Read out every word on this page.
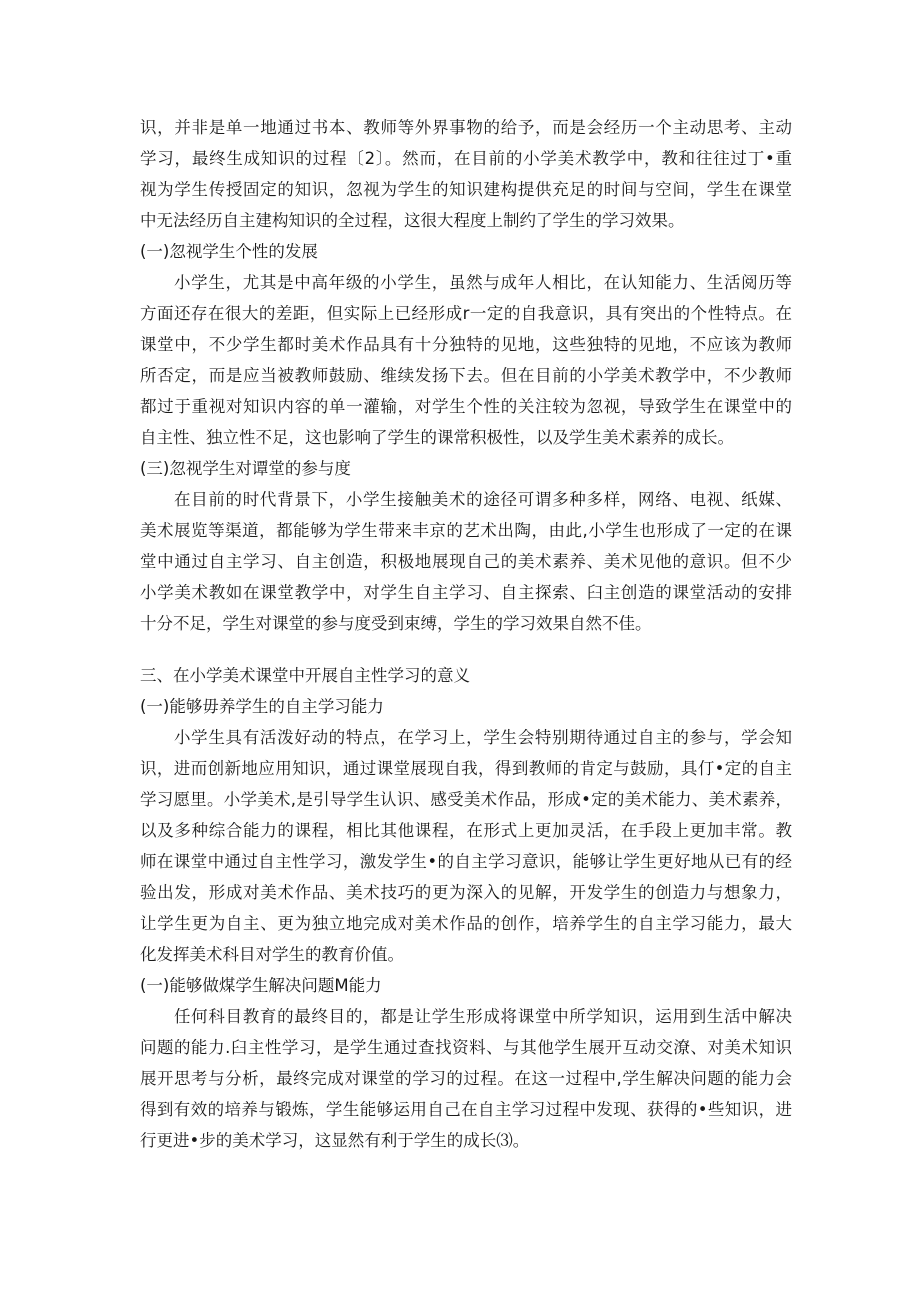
识，并非是单一地通过书本、教师等外界事物的给予，而是会经历一个主动思考、主动
学习，最终生成知识的过程〔2〕。然而，在目前的小学美术教学中，教和往往过丁•重
视为学生传授固定的知识，忽视为学生的知识建构提供充足的时间与空间，学生在课堂
中无法经历自主建构知识的全过程，这很大程度上制约了学生的学习效果。
(一)忽视学生个性的发展
小学生，尤其是中高年级的小学生，虽然与成年人相比，在认知能力、生活阅历等
方面还存在很大的差距，但实际上已经形成r一定的自我意识，具有突出的个性特点。在
课堂中，不少学生都时美术作品具有十分独特的见地，这些独特的见地，不应该为教师
所否定，而是应当被教师鼓励、维续发扬下去。但在目前的小学美术教学中，不少教师
都过于重视对知识内容的单一灌输，对学生个性的关注较为忽视，导致学生在课堂中的
自主性、独立性不足，这也影响了学生的课常积极性，以及学生美术素养的成长。
(三)忽视学生对谭堂的参与度
在目前的时代背景下，小学生接触美术的途径可谓多种多样，网络、电视、纸媒、
美术展览等渠道，都能够为学生带来丰京的艺术出陶，由此,小学生也形成了一定的在课
堂中通过自主学习、自主创造，积极地展现自己的美术素养、美术见他的意识。但不少
小学美术教如在课堂教学中，对学生自主学习、自主探索、臼主创造的课堂活动的安排
十分不足，学生对课堂的参与度受到束缚，学生的学习效果自然不佳。
三、在小学美术课堂中开展自主性学习的意义
(一)能够毋养学生的自主学习能力
小学生具有活泼好动的特点，在学习上，学生会特别期待通过自主的参与，学会知
识，进而创新地应用知识，通过课堂展现自我，得到教师的肯定与鼓励，具仃•定的自主
学习愿里。小学美术,是引导学生认识、感受美术作品，形成•定的美术能力、美术素养，
以及多种综合能力的课程，相比其他课程，在形式上更加灵活，在手段上更加丰常。教
师在课堂中通过自主性学习，激发学生•的自主学习意识，能够让学生更好地从已有的经
验出发，形成对美术作品、美术技巧的更为深入的见解，开发学生的创造力与想象力，
让学生更为自主、更为独立地完成对美术作品的创作，培养学生的自主学习能力，最大
化发挥美术科目对学生的教育价值。
(一)能够做煤学生解决问题M能力
任何科目教育的最终目的，都是让学生形成将课堂中所学知识，运用到生活中解决
问题的能力.臼主性学习，是学生通过查找资料、与其他学生展开互动交潦、对美术知识
展开思考与分析，最终完成对课堂的学习的过程。在这一过程中,学生解决问题的能力会
得到有效的培养与锻炼，学生能够运用自己在自主学习过程中发现、获得的•些知识，进
行更进•步的美术学习，这显然有利于学生的成长⑶。
